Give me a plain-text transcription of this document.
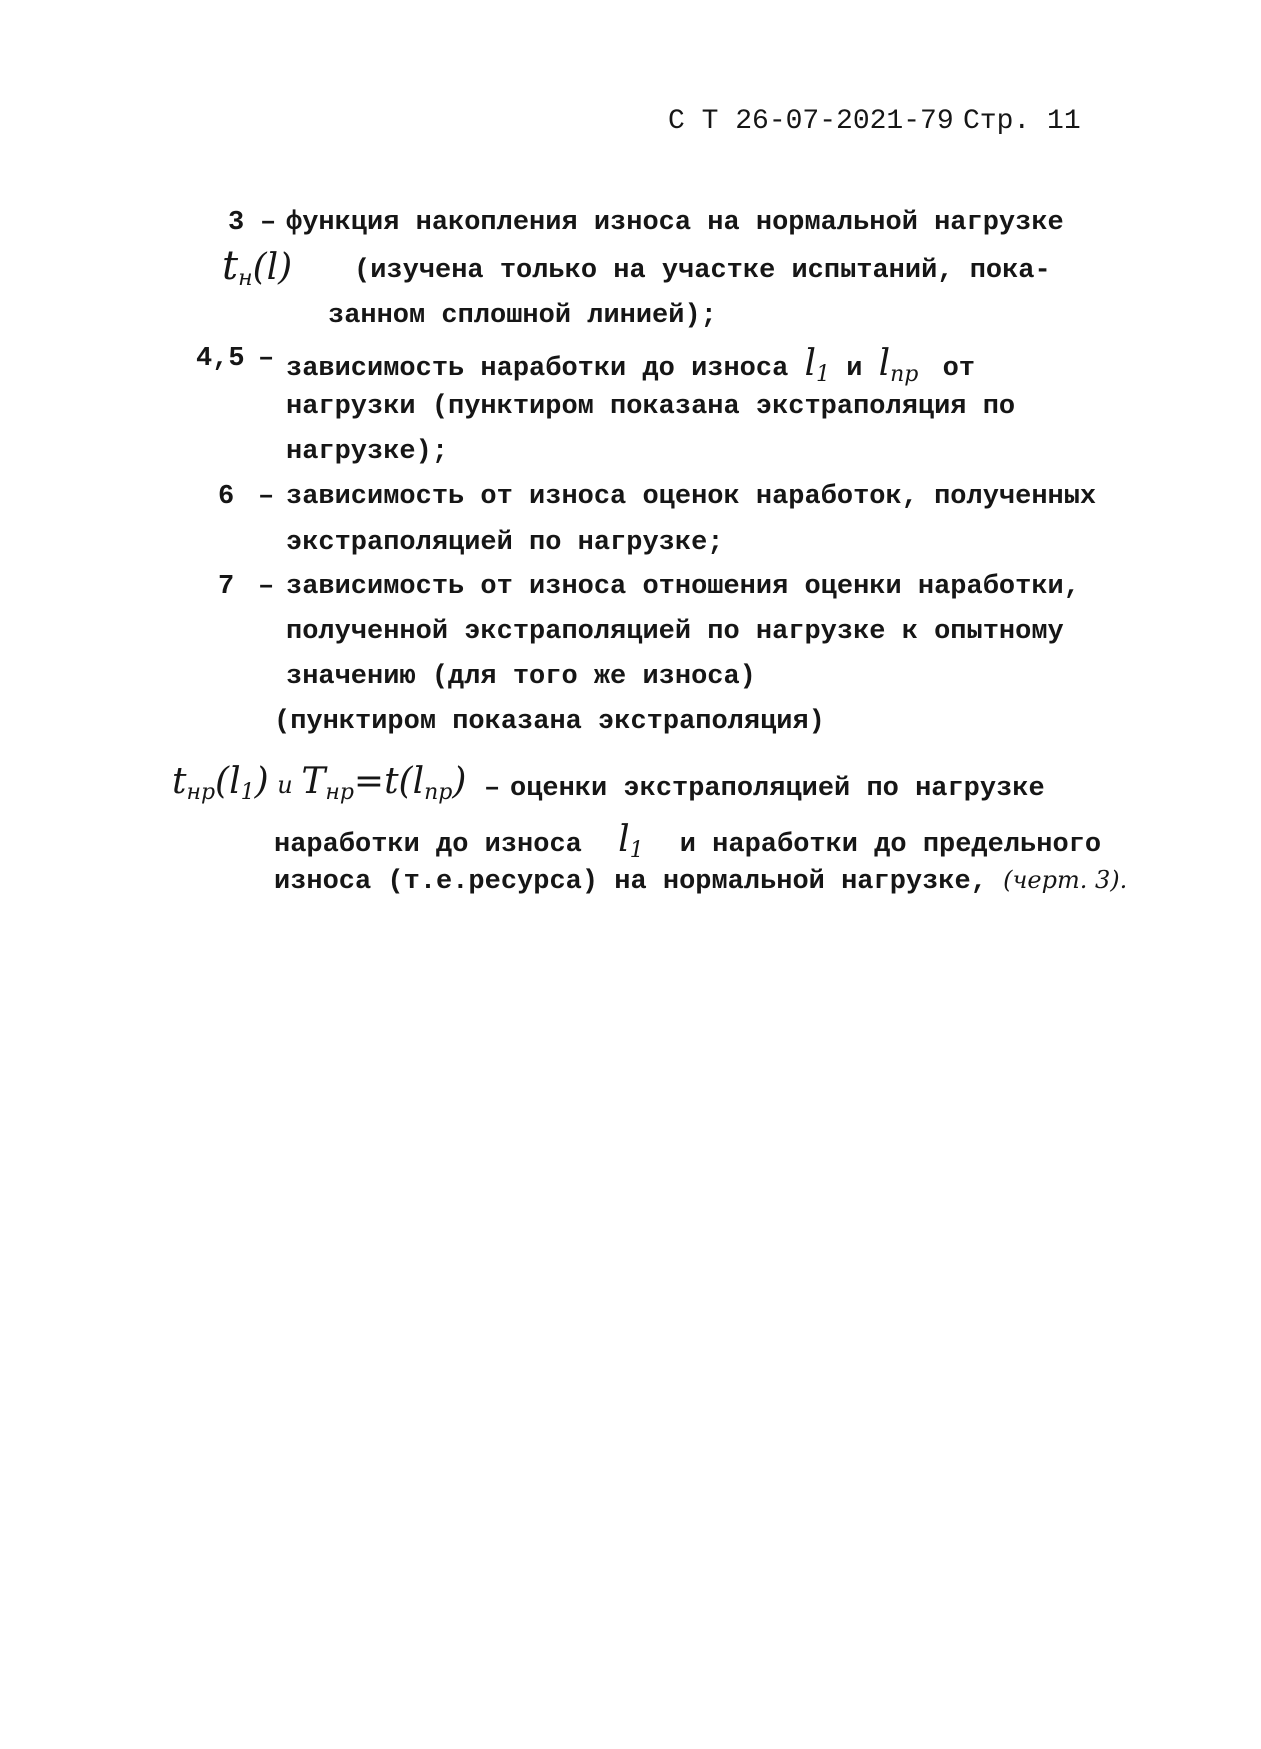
С Т 26-07-2021-79 Стр. 11
3 – функция накопления износа на нормальной нагрузке
$t_н(l)$ (изучена только на участке испытаний, пока-
занном сплошной линией);
4,5 – зависимость наработки до износа $l_1$ и $l_{пр}$ от
нагрузки (пунктиром показана экстраполяция по
нагрузке);
6 – зависимость от износа оценок наработок, полученных
экстраполяцией по нагрузке;
7 – зависимость от износа отношения оценки наработки,
полученной экстраполяцией по нагрузке к опытному
значению (для того же износа)
(пунктиром показана экстраполяция)
$t_{нр}(l_1)$ и $T_{нр}=t(l_{пр})$ – оценки экстраполяцией по нагрузке
наработки до износа $l_1$ и наработки до предельного
износа (т.е.ресурса) на нормальной нагрузке, (черт. 3).
